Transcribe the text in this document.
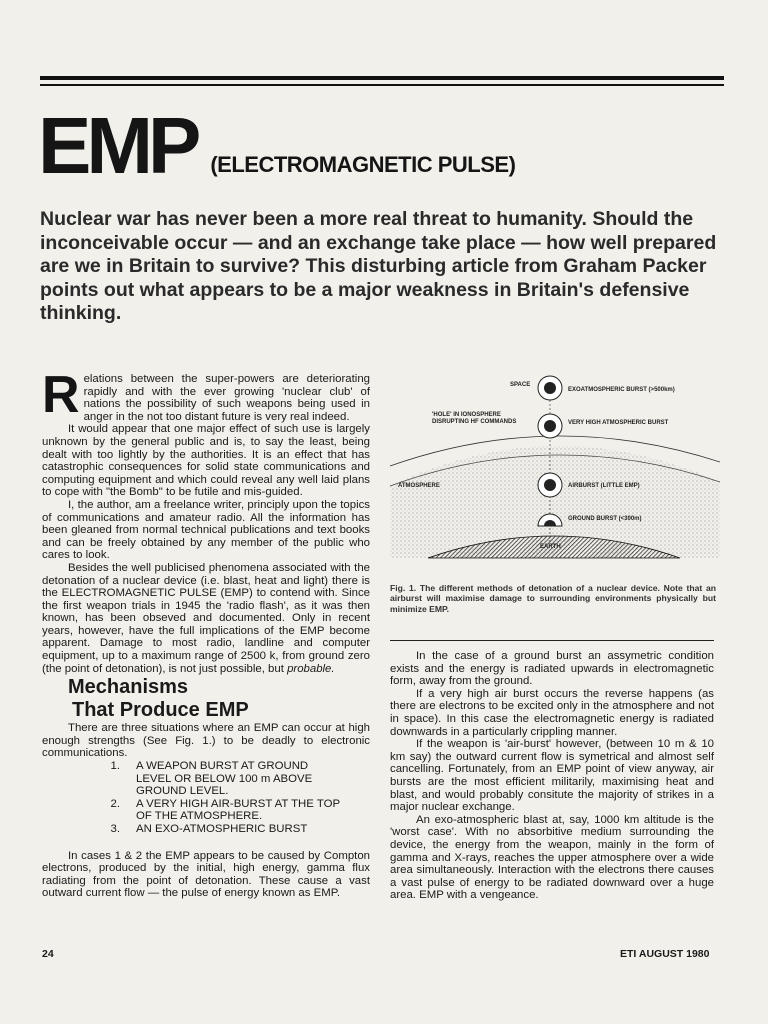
EMP (ELECTROMAGNETIC PULSE)
Nuclear war has never been a more real threat to humanity. Should the inconceivable occur — and an exchange take place — how well prepared are we in Britain to survive? This disturbing article from Graham Packer points out what appears to be a major weakness in Britain's defensive thinking.

Relations between the super-powers are deteriorating rapidly and with the ever growing 'nuclear club' of nations the possibility of such weapons being used in anger in the not too distant future is very real indeed.

It would appear that one major effect of such use is largely unknown by the general public and is, to say the least, being dealt with too lightly by the authorities. It is an effect that has catastrophic consequences for solid state communications and computing equipment and which could reveal any well laid plans to cope with "the Bomb" to be futile and mis-guided.

I, the author, am a freelance writer, principly upon the topics of communications and amateur radio. All the information has been gleaned from normal technical publications and text books and can be freely obtained by any member of the public who cares to look.

Besides the well publicised phenomena associated with the detonation of a nuclear device (i.e. blast, heat and light) there is the ELECTROMAGNETIC PULSE (EMP) to contend with. Since the first weapon trials in 1945 the 'radio flash', as it was then known, has been obseved and documented. Only in recent years, however, have the full implications of the EMP become apparent. Damage to most radio, landline and computer equipment, up to a maximum range of 2500 k, from ground zero (the point of detonation), is not just possible, but probable.

Mechanisms
That Produce EMP

There are three situations where an EMP can occur at high enough strengths (See Fig. 1.) to be deadly to electronic communications.

1.	A WEAPON BURST AT GROUND LEVEL OR BELOW 100 m ABOVE GROUND LEVEL.
2.	A VERY HIGH AIR-BURST AT THE TOP OF THE ATMOSPHERE.
3.	AN EXO-ATMOSPHERIC BURST

In cases 1 & 2 the EMP appears to be caused by Compton electrons, produced by the initial, high energy, gamma flux radiating from the point of detonation. These cause a vast outward current flow — the pulse of energy known as EMP.

SPACE
EXOATMOSPHERIC BURST (>500km)
'HOLE' IN IONOSPHERE
DISRUPTING HF COMMANDS	VERY HIGH ATMOSPHERIC BURST
ATMOSPHERE	AIRBURST (LITTLE EMP)
GROUND BURST (<300m)
EARTH
Fig. 1. The different methods of detonation of a nuclear device. Note that an airburst will maximise damage to surrounding environments physically but minimize EMP.

In the case of a ground burst an assymetric condition exists and the energy is radiated upwards in electromagnetic form, away from the ground.

If a very high air burst occurs the reverse happens (as there are electrons to be excited only in the atmosphere and not in space). In this case the electromagnetic energy is radiated downwards in a particularly crippling manner.

If the weapon is 'air-burst' however, (between 10 m & 10 km say) the outward current flow is symetrical and almost self cancelling. Fortunately, from an EMP point of view anyway, air bursts are the most efficient militarily, maximising heat and blast, and would probably consitute the majority of strikes in a major nuclear exchange.

An exo-atmospheric blast at, say, 1000 km altitude is the 'worst case'. With no absorbitive medium surrounding the device, the energy from the weapon, mainly in the form of gamma and X-rays, reaches the upper atmosphere over a wide area simultaneously. Interaction with the electrons there causes a vast pulse of energy to be radiated downward over a huge area. EMP with a vengeance.

24	ETI AUGUST 1980
